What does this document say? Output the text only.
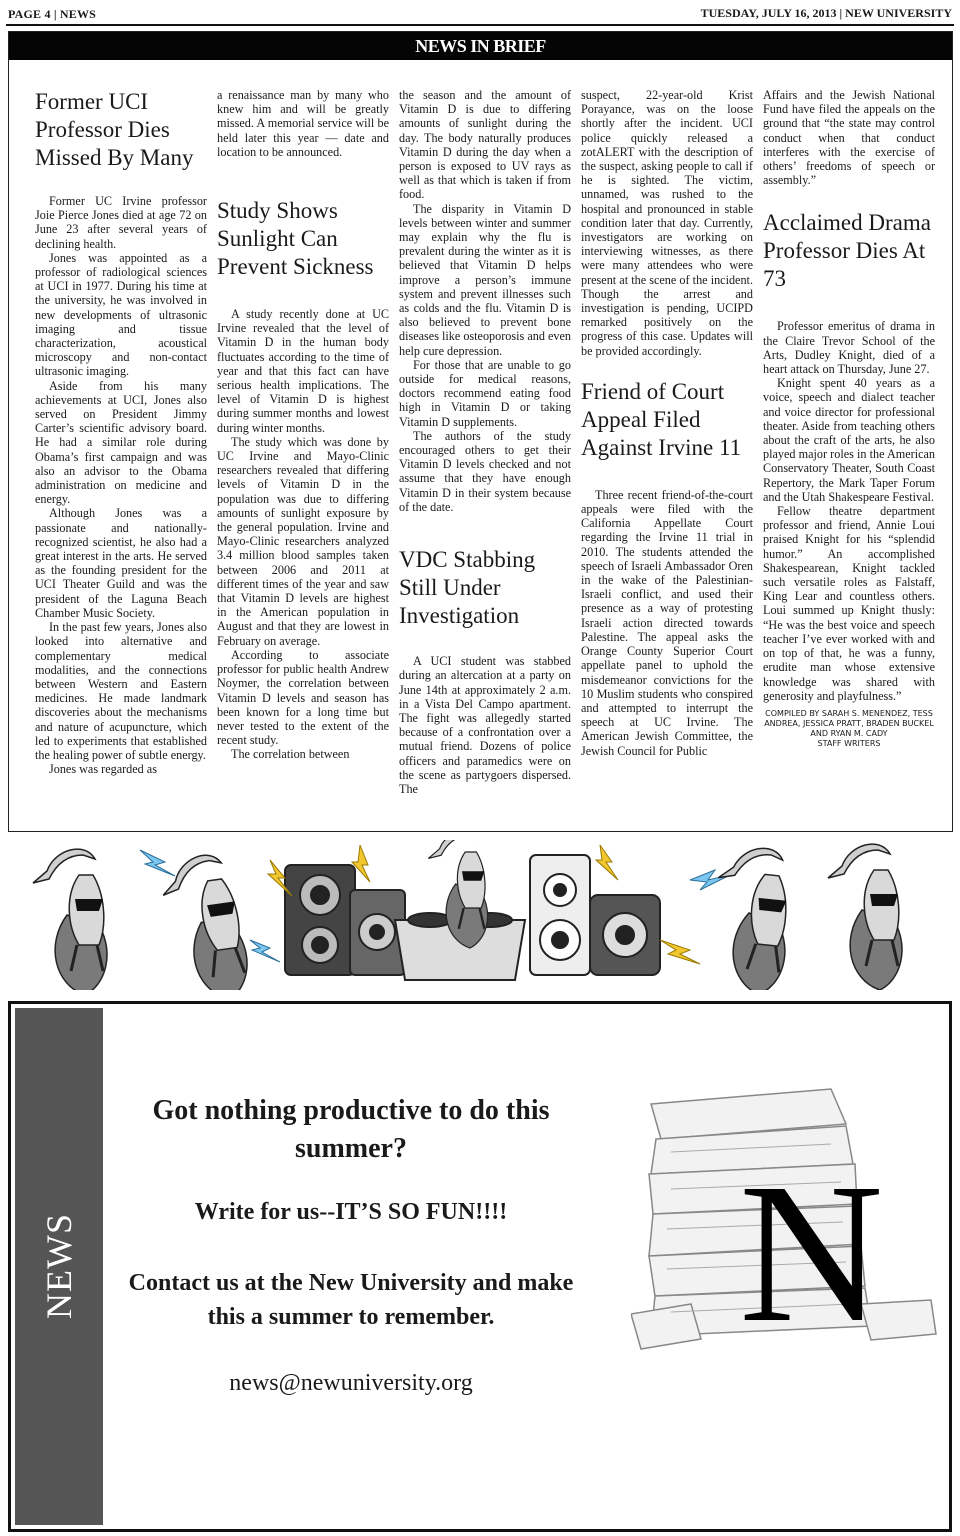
PAGE 4 | NEWS	TUESDAY, JULY 16, 2013 | NEW UNIVERSITY
NEWS IN BRIEF
Former UCI Professor Dies Missed By Many

Former UC Irvine professor Joie Pierce Jones died at age 72 on June 23 after several years of declining health.

Jones was appointed as a professor of radiological sciences at UCI in 1977. During his time at the university, he was involved in new developments of ultrasonic imaging and tissue characterization, acoustical microscopy and non-contact ultrasonic imaging.

Aside from his many achievements at UCI, Jones also served on President Jimmy Carter’s scientific advisory board. He had a similar role during Obama’s first campaign and was also an advisor to the Obama administration on medicine and energy.

Although Jones was a passionate and nationally-recognized scientist, he also had a great interest in the arts. He served as the founding president for the UCI Theater Guild and was the president of the Laguna Beach Chamber Music Society.

In the past few years, Jones also looked into alternative and complementary medical modalities, and the connections between Western and Eastern medicines. He made landmark discoveries about the mechanisms and nature of acupuncture, which led to experiments that established the healing power of subtle energy.

Jones was regarded as

a renaissance man by many who knew him and will be greatly missed. A memorial service will be held later this year — date and location to be announced.

Study Shows Sunlight Can Prevent Sickness

A study recently done at UC Irvine revealed that the level of Vitamin D in the human body fluctuates according to the time of year and that this fact can have serious health implications. The level of Vitamin D is highest during summer months and lowest during winter months.

The study which was done by UC Irvine and Mayo-Clinic researchers revealed that differing levels of Vitamin D in the population was due to differing amounts of sunlight exposure by the general population. Irvine and Mayo-Clinic researchers analyzed 3.4 million blood samples taken between 2006 and 2011 at different times of the year and saw that Vitamin D levels are highest in the American population in August and that they are lowest in February on average.

According to associate professor for public health Andrew Noymer, the correlation between Vitamin D levels and season has been known for a long time but never tested to the extent of the recent study.

The correlation between

the season and the amount of Vitamin D is due to differing amounts of sunlight during the day. The body naturally produces Vitamin D during the day when a person is exposed to UV rays as well as that which is taken if from food.

The disparity in Vitamin D levels between winter and summer may explain why the flu is prevalent during the winter as it is believed that Vitamin D helps improve a person’s immune system and prevent illnesses such as colds and the flu. Vitamin D is also believed to prevent bone diseases like osteoporosis and even help cure depression.

For those that are unable to go outside for medical reasons, doctors recommend eating food high in Vitamin D or taking Vitamin D supplements.

The authors of the study encouraged others to get their Vitamin D levels checked and not assume that they have enough Vitamin D in their system because of the date.

VDC Stabbing Still Under Investigation

A UCI student was stabbed during an altercation at a party on June 14th at approximately 2 a.m. in a Vista Del Campo apartment. The fight was allegedly started because of a confrontation over a mutual friend. Dozens of police officers and paramedics were on the scene as partygoers dispersed. The

suspect, 22-year-old Krist Porayance, was on the loose shortly after the incident. UCI police quickly released a zotALERT with the description of the suspect, asking people to call if he is sighted. The victim, unnamed, was rushed to the hospital and pronounced in stable condition later that day. Currently, investigators are working on interviewing witnesses, as there were many attendees who were present at the scene of the incident. Though the arrest and investigation is pending, UCIPD remarked positively on the progress of this case. Updates will be provided accordingly.

Friend of Court Appeal Filed Against Irvine 11

Three recent friend-of-the-court appeals were filed with the California Appellate Court regarding the Irvine 11 trial in 2010. The students attended the speech of Israeli Ambassador Oren in the wake of the Palestinian-Israeli conflict, and used their presence as a way of protesting Israeli action directed towards Palestine. The appeal asks the Orange County Superior Court appellate panel to uphold the misdemeanor convictions for the 10 Muslim students who conspired and attempted to interrupt the speech at UC Irvine. The American Jewish Committee, the Jewish Council for Public

Affairs and the Jewish National Fund have filed the appeals on the ground that “the state may control conduct when that conduct interferes with the exercise of others’ freedoms of speech or assembly.”

Acclaimed Drama Professor Dies At 73

Professor emeritus of drama in the Claire Trevor School of the Arts, Dudley Knight, died of a heart attack on Thursday, June 27.

Knight spent 40 years as a voice, speech and dialect teacher and voice director for professional theater. Aside from teaching others about the craft of the arts, he also played major roles in the American Conservatory Theater, South Coast Repertory, the Mark Taper Forum and the Utah Shakespeare Festival.

Fellow theatre department professor and friend, Annie Loui praised Knight for his “splendid humor.” An accomplished Shakespearean, Knight tackled such versatile roles as Falstaff, King Lear and countless others. Loui summed up Knight thusly: “He was the best voice and speech teacher I’ve ever worked with and on top of that, he was a funny, erudite man whose extensive knowledge was shared with generosity and playfulness.”

COMPILED BY SARAH S. MENENDEZ, TESS ANDREA, JESSICA PRATT, BRADEN BUCKEL AND RYAN M. CADY
STAFF WRITERS
NEWS
Got nothing productive to do this summer?
Write for us--IT’S SO FUN!!!!
Contact us at the New University and make this a summer to remember.
news@newuniversity.org
N
